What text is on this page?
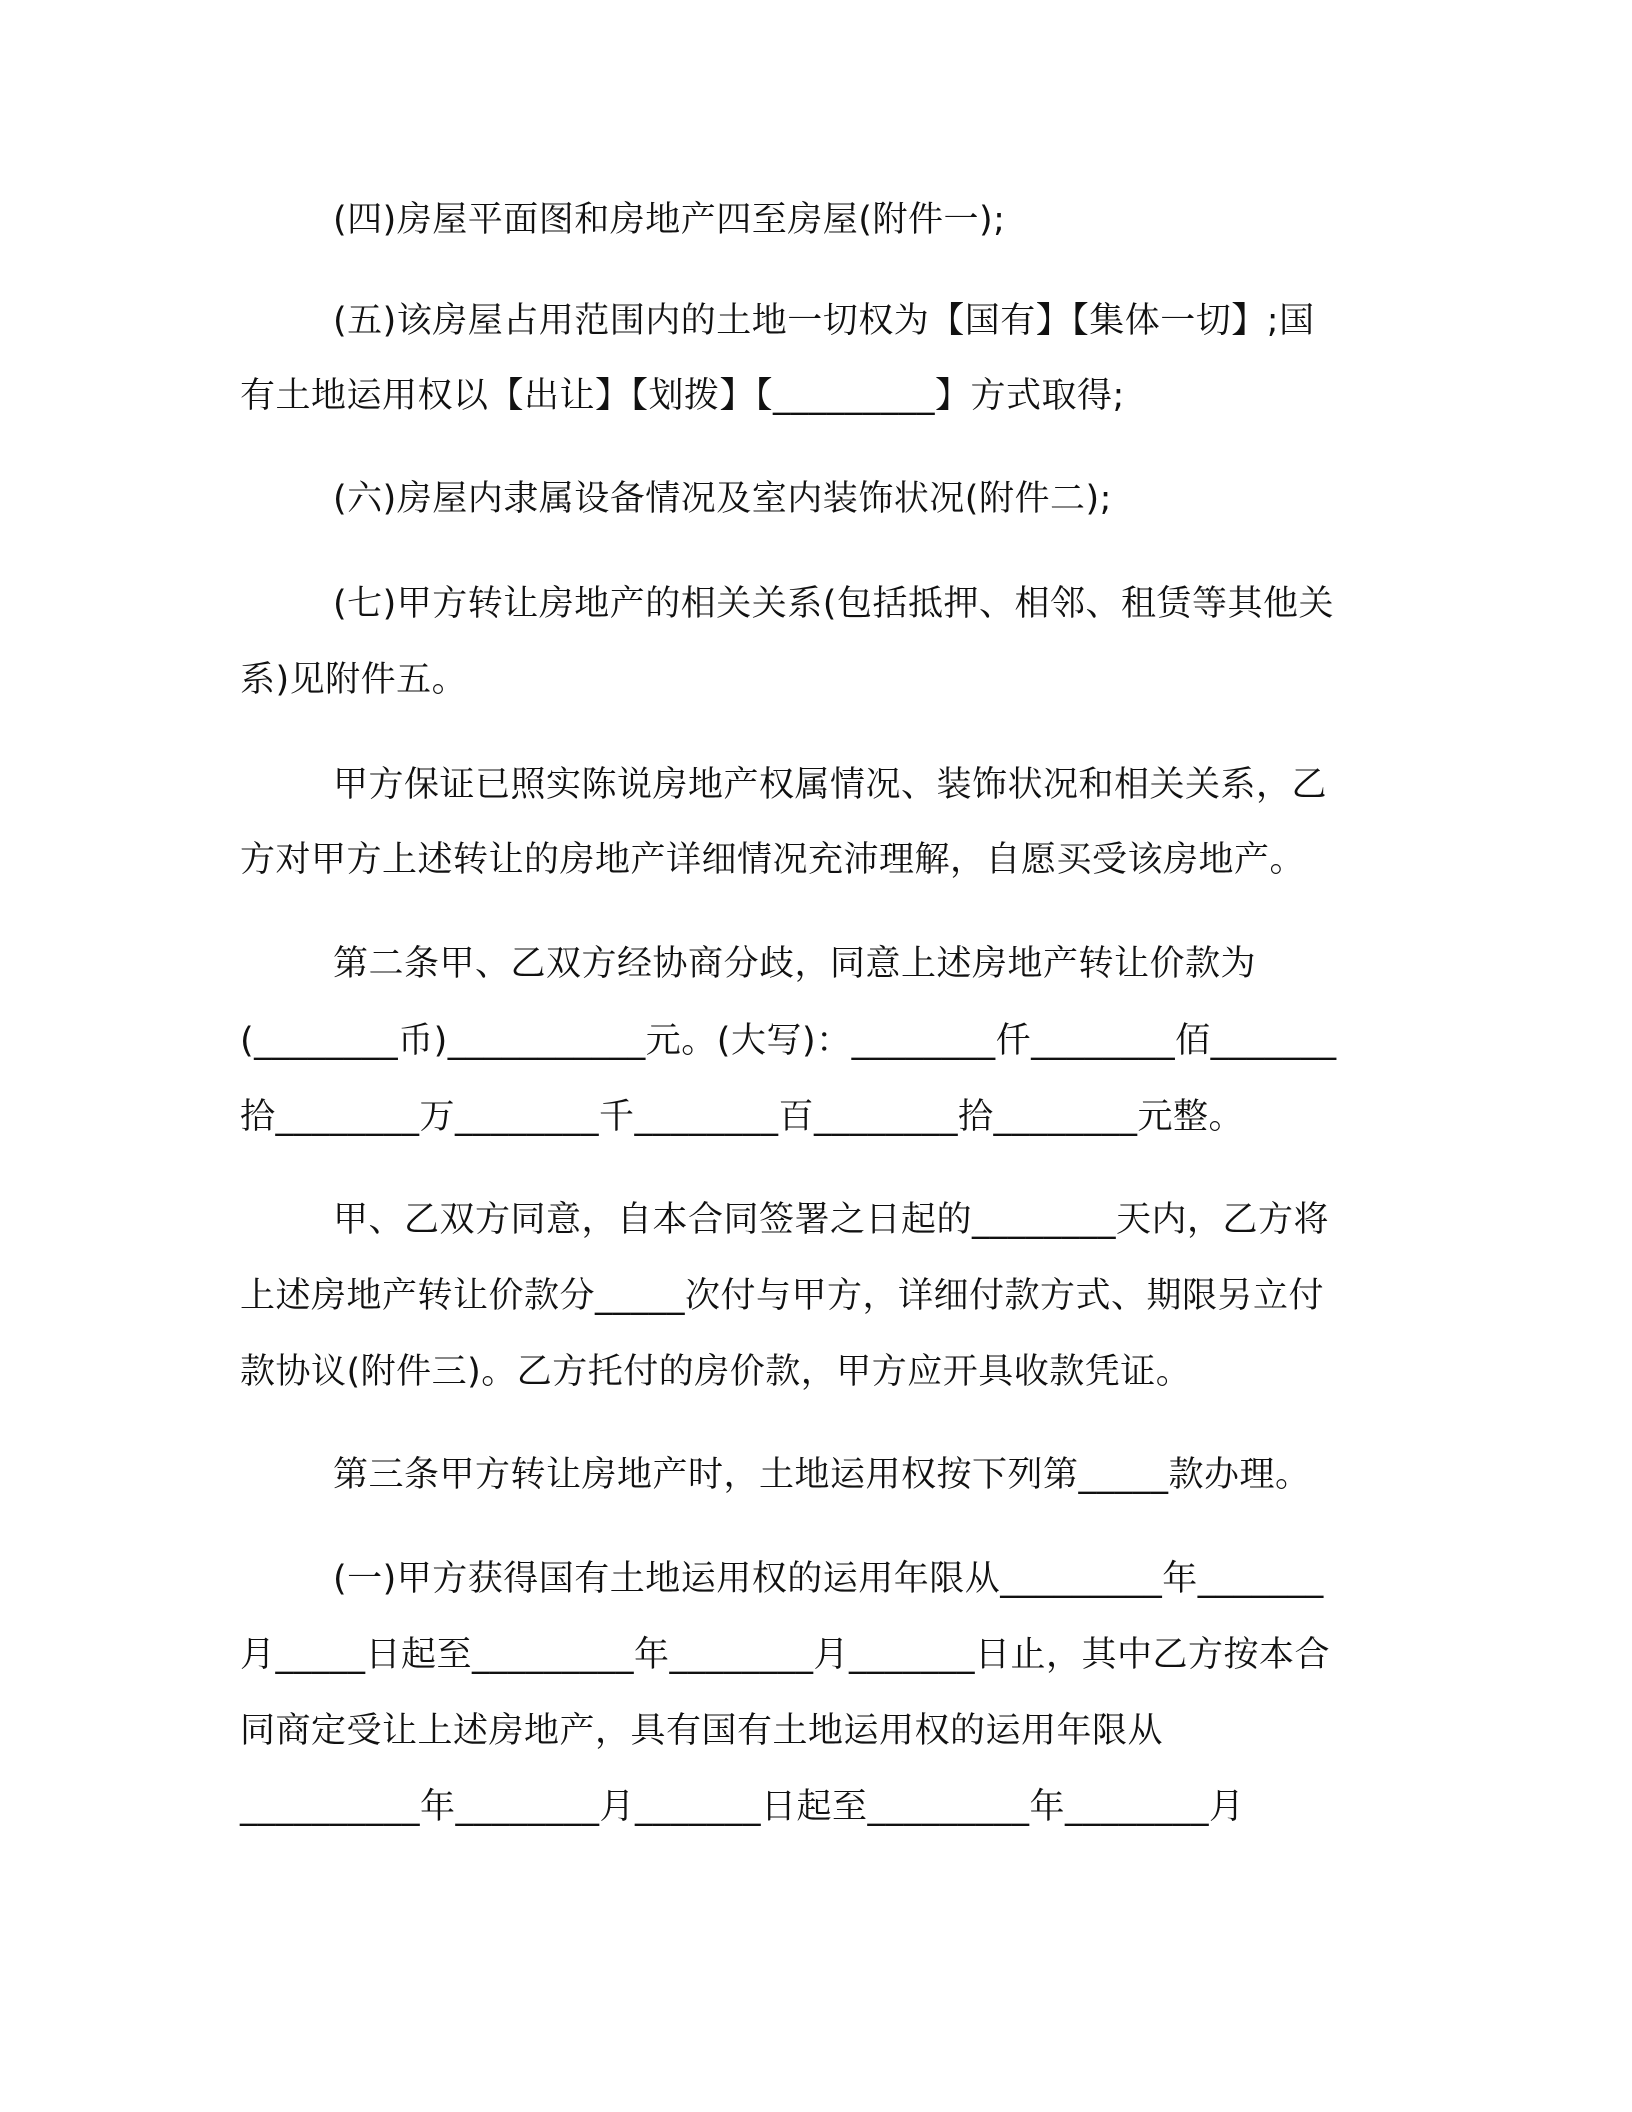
(四)房屋平面图和房地产四至房屋(附件一);
(五)该房屋占用范围内的土地一切权为【国有】【集体一切】;国
有土地运用权以【出让】【划拨】【_________】方式取得;
(六)房屋内隶属设备情况及室内装饰状况(附件二);
(七)甲方转让房地产的相关关系(包括抵押、相邻、租赁等其他关
系)见附件五。
甲方保证已照实陈说房地产权属情况、装饰状况和相关关系，乙
方对甲方上述转让的房地产详细情况充沛理解，自愿买受该房地产。
第二条甲、乙双方经协商分歧，同意上述房地产转让价款为
(________币)___________元。(大写)：________仟________佰_______
拾________万________千________百________拾________元整。
甲、乙双方同意，自本合同签署之日起的________天内，乙方将
上述房地产转让价款分_____次付与甲方，详细付款方式、期限另立付
款协议(附件三)。乙方托付的房价款，甲方应开具收款凭证。
第三条甲方转让房地产时，土地运用权按下列第_____款办理。
(一)甲方获得国有土地运用权的运用年限从_________年_______
月_____日起至_________年________月_______日止，其中乙方按本合
同商定受让上述房地产，具有国有土地运用权的运用年限从
__________年________月_______日起至_________年________月
